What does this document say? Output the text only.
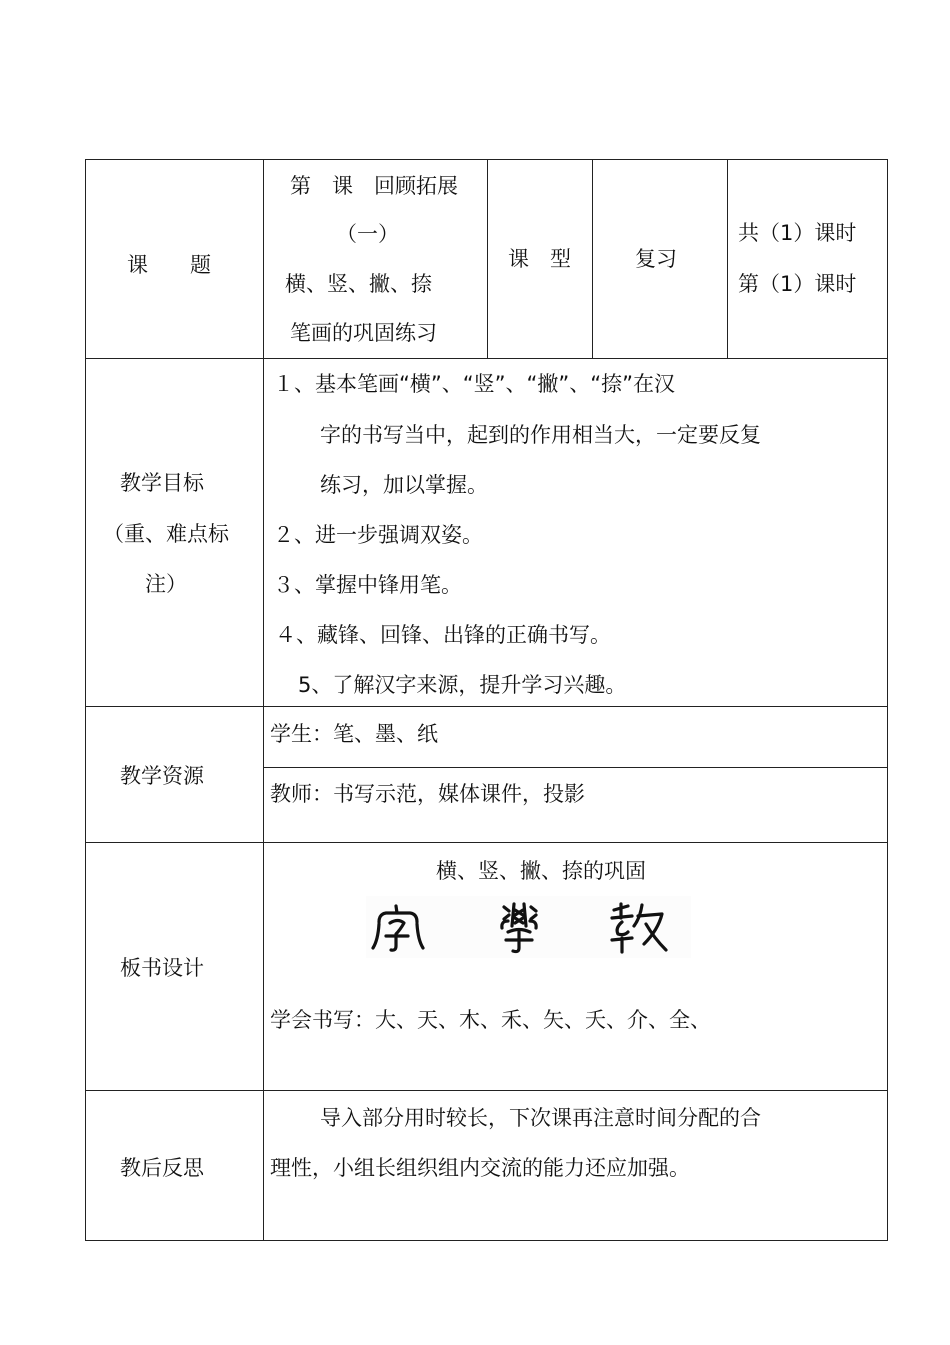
课　　题
第　课　回顾拓展
（一）
横、竖、撇、捺
笔画的巩固练习
课　型	复习
共（1）课时
第（1）课时
教学目标
（重、难点标
注）
１、基本笔画“横”、“竖”、“撇”、“捺”在汉
字的书写当中，起到的作用相当大，一定要反复
练习，加以掌握。
２、进一步强调双姿。
３、掌握中锋用笔。
４、藏锋、回锋、出锋的正确书写。
5、了解汉字来源，提升学习兴趣。
教学资源
学生：笔、墨、纸
教师：书写示范，媒体课件，投影
板书设计
横、竖、撇、捺的巩固
学会书写：大、天、木、禾、矢、夭、介、全、
教后反思
导入部分用时较长，下次课再注意时间分配的合
理性，小组长组织组内交流的能力还应加强。
